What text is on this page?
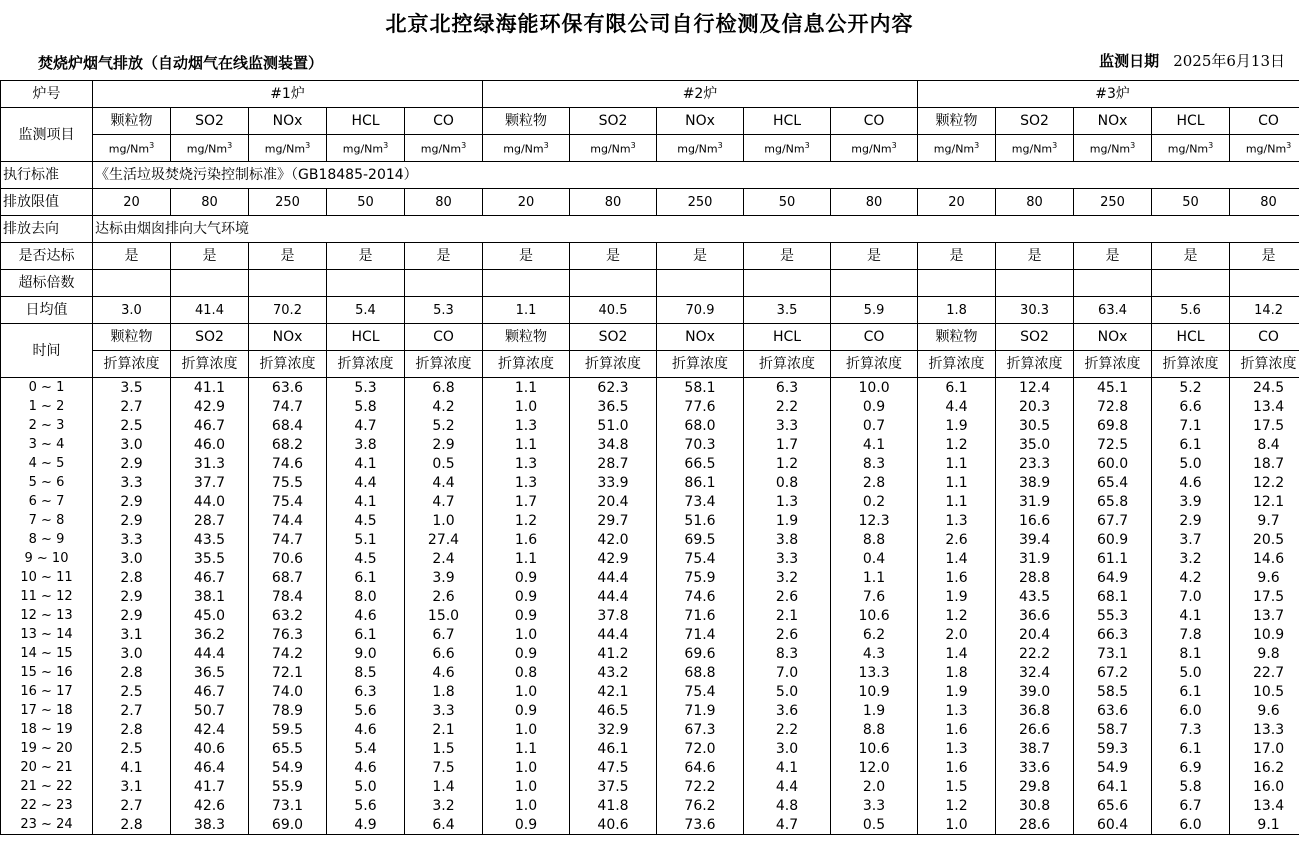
北京北控绿海能环保有限公司自行检测及信息公开内容
焚烧炉烟气排放（自动烟气在线监测装置）	监测日期 2025年6月13日
炉号	#1炉					#2炉					#3炉				
监测项目	颗粒物	SO2	NOx	HCL	CO	颗粒物	SO2	NOx	HCL	CO	颗粒物	SO2	NOx	HCL	CO
	mg/Nm$^3$	mg/Nm$^3$	mg/Nm$^3$	mg/Nm$^3$	mg/Nm$^3$	mg/Nm$^3$	mg/Nm$^3$	mg/Nm$^3$	mg/Nm$^3$	mg/Nm$^3$	mg/Nm$^3$	mg/Nm$^3$	mg/Nm$^3$	mg/Nm$^3$	mg/Nm$^3$
执行标准	《生活垃圾焚烧污染控制标准》（GB18485-2014）														
排放限值	20	80	250	50	80	20	80	250	50	80	20	80	250	50	80
排放去向	达标由烟囱排向大气环境														
是否达标	是	是	是	是	是	是	是	是	是	是	是	是	是	是	是
超标倍数															
日均值	3.0	41.4	70.2	5.4	5.3	1.1	40.5	70.9	3.5	5.9	1.8	30.3	63.4	5.6	14.2
时间	颗粒物	SO2	NOx	HCL	CO	颗粒物	SO2	NOx	HCL	CO	颗粒物	SO2	NOx	HCL	CO
	折算浓度	折算浓度	折算浓度	折算浓度	折算浓度	折算浓度	折算浓度	折算浓度	折算浓度	折算浓度	折算浓度	折算浓度	折算浓度	折算浓度	折算浓度
0 ~ 1	3.5	41.1	63.6	5.3	6.8	1.1	62.3	58.1	6.3	10.0	6.1	12.4	45.1	5.2	24.5
1 ~ 2	2.7	42.9	74.7	5.8	4.2	1.0	36.5	77.6	2.2	0.9	4.4	20.3	72.8	6.6	13.4
2 ~ 3	2.5	46.7	68.4	4.7	5.2	1.3	51.0	68.0	3.3	0.7	1.9	30.5	69.8	7.1	17.5
3 ~ 4	3.0	46.0	68.2	3.8	2.9	1.1	34.8	70.3	1.7	4.1	1.2	35.0	72.5	6.1	8.4
4 ~ 5	2.9	31.3	74.6	4.1	0.5	1.3	28.7	66.5	1.2	8.3	1.1	23.3	60.0	5.0	18.7
5 ~ 6	3.3	37.7	75.5	4.4	4.4	1.3	33.9	86.1	0.8	2.8	1.1	38.9	65.4	4.6	12.2
6 ~ 7	2.9	44.0	75.4	4.1	4.7	1.7	20.4	73.4	1.3	0.2	1.1	31.9	65.8	3.9	12.1
7 ~ 8	2.9	28.7	74.4	4.5	1.0	1.2	29.7	51.6	1.9	12.3	1.3	16.6	67.7	2.9	9.7
8 ~ 9	3.3	43.5	74.7	5.1	27.4	1.6	42.0	69.5	3.8	8.8	2.6	39.4	60.9	3.7	20.5
9 ~ 10	3.0	35.5	70.6	4.5	2.4	1.1	42.9	75.4	3.3	0.4	1.4	31.9	61.1	3.2	14.6
10 ~ 11	2.8	46.7	68.7	6.1	3.9	0.9	44.4	75.9	3.2	1.1	1.6	28.8	64.9	4.2	9.6
11 ~ 12	2.9	38.1	78.4	8.0	2.6	0.9	44.4	74.6	2.6	7.6	1.9	43.5	68.1	7.0	17.5
12 ~ 13	2.9	45.0	63.2	4.6	15.0	0.9	37.8	71.6	2.1	10.6	1.2	36.6	55.3	4.1	13.7
13 ~ 14	3.1	36.2	76.3	6.1	6.7	1.0	44.4	71.4	2.6	6.2	2.0	20.4	66.3	7.8	10.9
14 ~ 15	3.0	44.4	74.2	9.0	6.6	0.9	41.2	69.6	8.3	4.3	1.4	22.2	73.1	8.1	9.8
15 ~ 16	2.8	36.5	72.1	8.5	4.6	0.8	43.2	68.8	7.0	13.3	1.8	32.4	67.2	5.0	22.7
16 ~ 17	2.5	46.7	74.0	6.3	1.8	1.0	42.1	75.4	5.0	10.9	1.9	39.0	58.5	6.1	10.5
17 ~ 18	2.7	50.7	78.9	5.6	3.3	0.9	46.5	71.9	3.6	1.9	1.3	36.8	63.6	6.0	9.6
18 ~ 19	2.8	42.4	59.5	4.6	2.1	1.0	32.9	67.3	2.2	8.8	1.6	26.6	58.7	7.3	13.3
19 ~ 20	2.5	40.6	65.5	5.4	1.5	1.1	46.1	72.0	3.0	10.6	1.3	38.7	59.3	6.1	17.0
20 ~ 21	4.1	46.4	54.9	4.6	7.5	1.0	47.5	64.6	4.1	12.0	1.6	33.6	54.9	6.9	16.2
21 ~ 22	3.1	41.7	55.9	5.0	1.4	1.0	37.5	72.2	4.4	2.0	1.5	29.8	64.1	5.8	16.0
22 ~ 23	2.7	42.6	73.1	5.6	3.2	1.0	41.8	76.2	4.8	3.3	1.2	30.8	65.6	6.7	13.4
23 ~ 24	2.8	38.3	69.0	4.9	6.4	0.9	40.6	73.6	4.7	0.5	1.0	28.6	60.4	6.0	9.1
